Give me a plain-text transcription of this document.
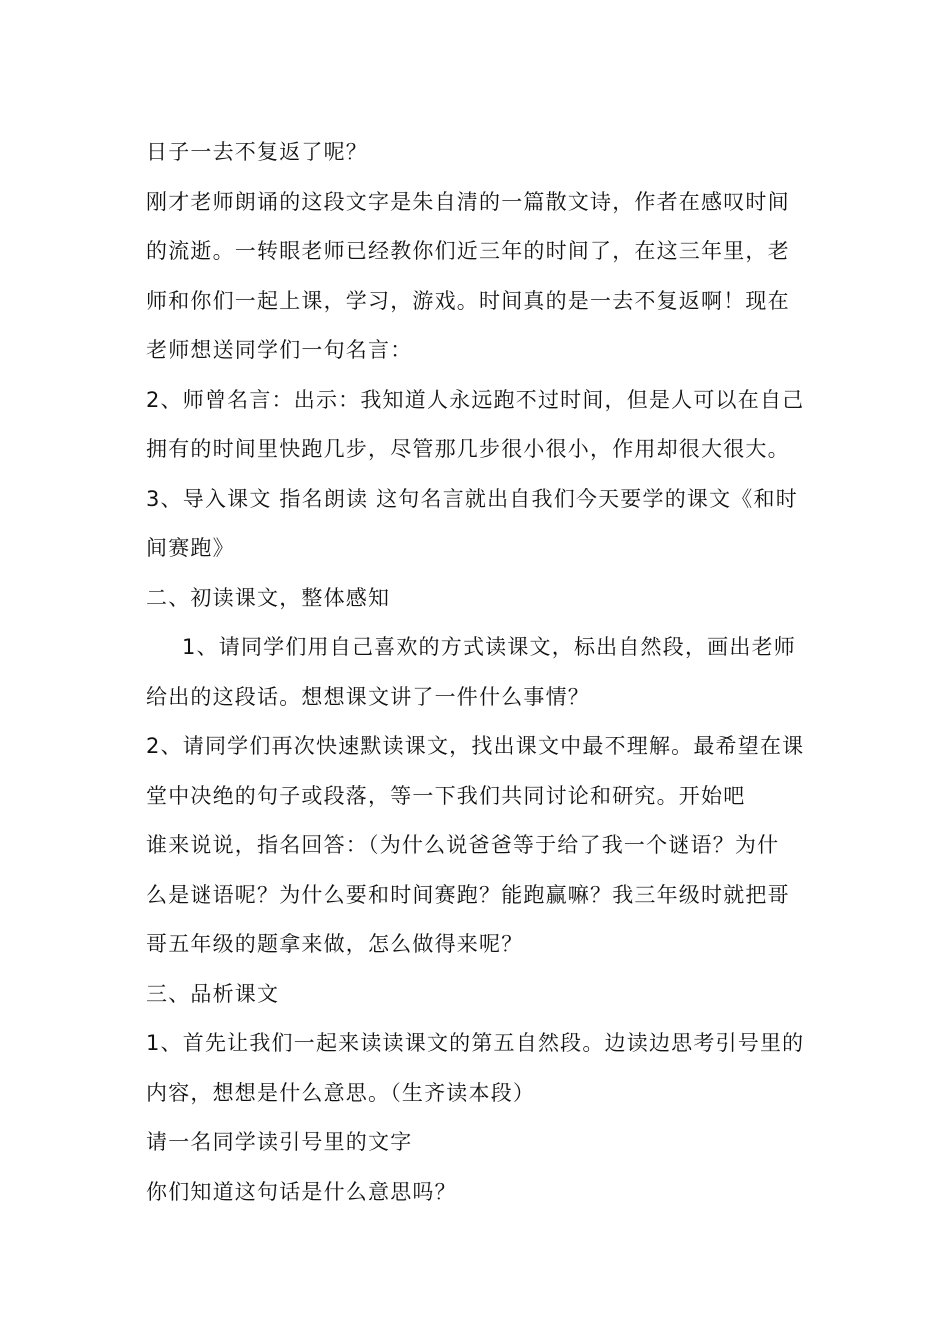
日子一去不复返了呢？
刚才老师朗诵的这段文字是朱自清的一篇散文诗，作者在感叹时间
的流逝。一转眼老师已经教你们近三年的时间了，在这三年里，老
师和你们一起上课，学习，游戏。时间真的是一去不复返啊！现在
老师想送同学们一句名言：
2、师曾名言：出示：我知道人永远跑不过时间，但是人可以在自己
拥有的时间里快跑几步，尽管那几步很小很小，作用却很大很大。
3、导入课文 指名朗读 这句名言就出自我们今天要学的课文《和时
间赛跑》
二、初读课文，整体感知
1、请同学们用自己喜欢的方式读课文，标出自然段，画出老师
给出的这段话。想想课文讲了一件什么事情？
2、请同学们再次快速默读课文，找出课文中最不理解。最希望在课
堂中决绝的句子或段落，等一下我们共同讨论和研究。开始吧
谁来说说，指名回答：（为什么说爸爸等于给了我一个谜语？为什
么是谜语呢？为什么要和时间赛跑？能跑赢嘛？我三年级时就把哥
哥五年级的题拿来做，怎么做得来呢？
三、品析课文
1、首先让我们一起来读读课文的第五自然段。边读边思考引号里的
内容，想想是什么意思。（生齐读本段）
请一名同学读引号里的文字
你们知道这句话是什么意思吗？
